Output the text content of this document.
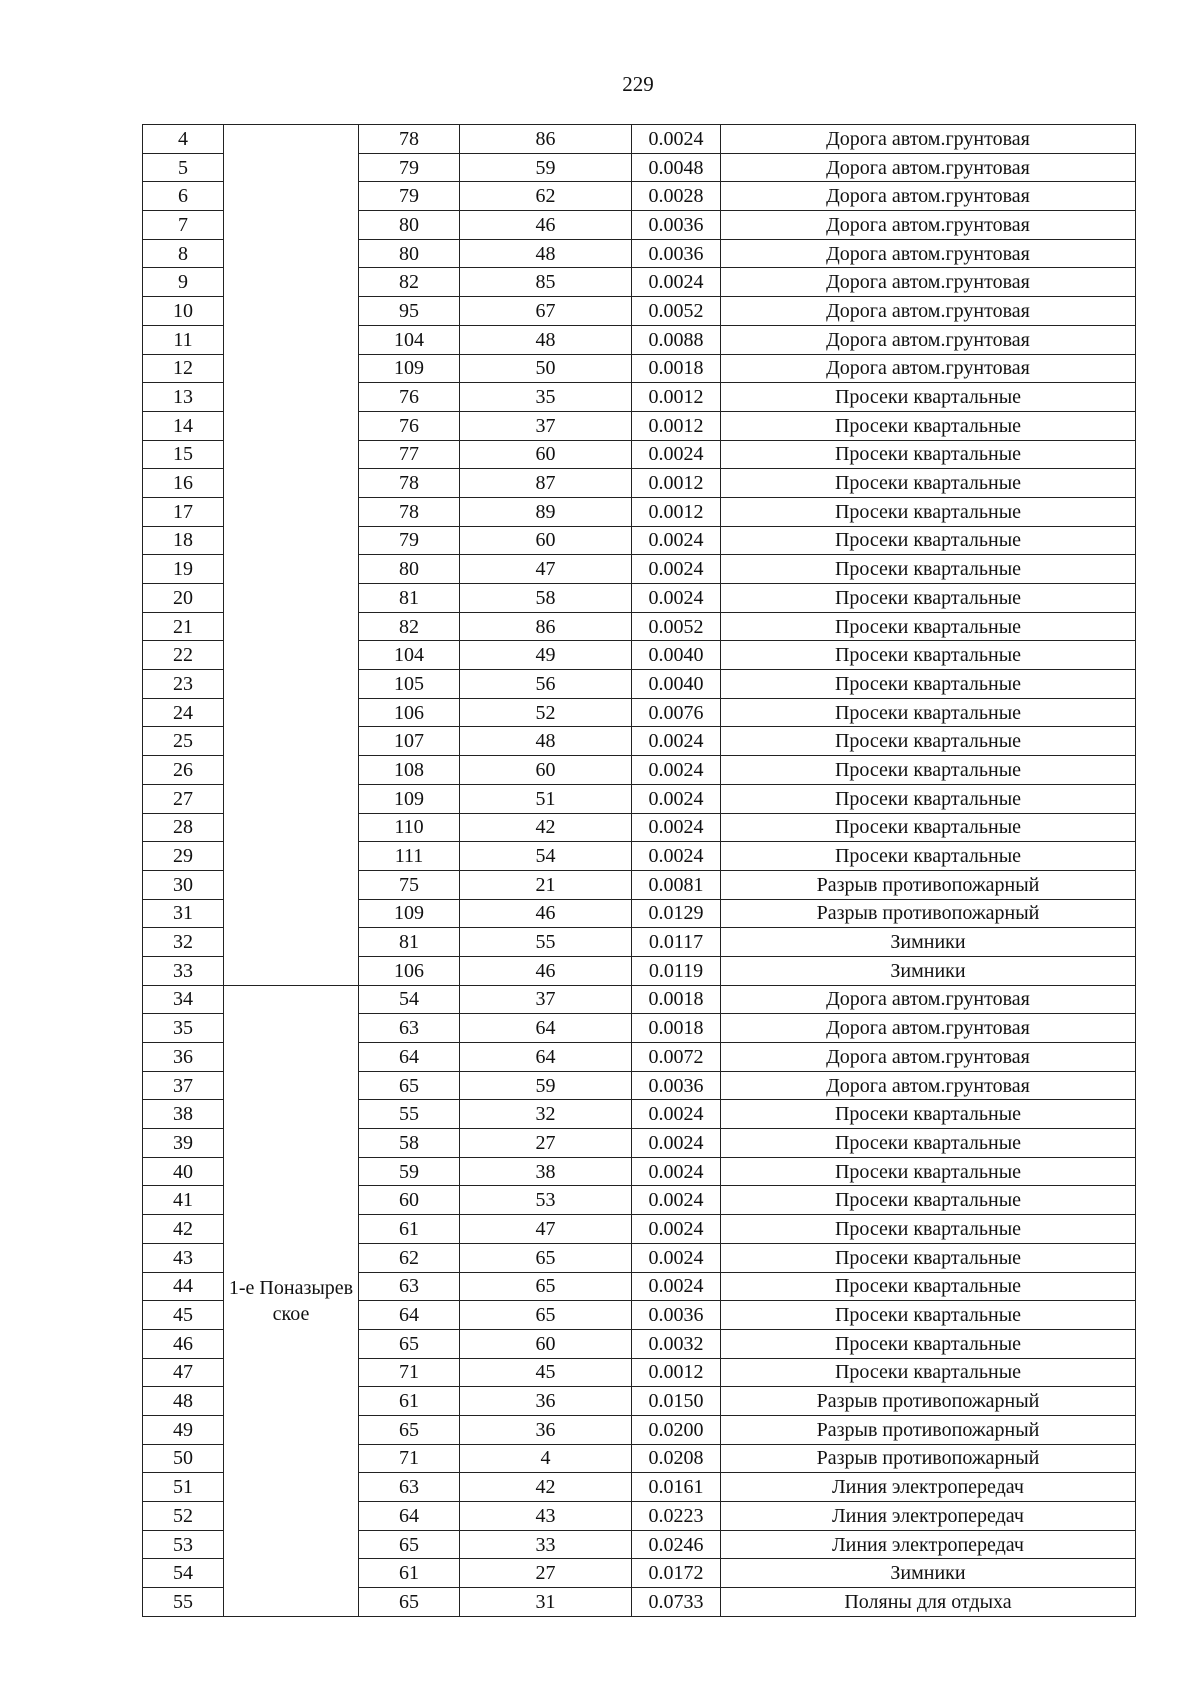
229
4		78	86	0.0024	Дорога автом.грунтовая
5		79	59	0.0048	Дорога автом.грунтовая
6		79	62	0.0028	Дорога автом.грунтовая
7		80	46	0.0036	Дорога автом.грунтовая
8		80	48	0.0036	Дорога автом.грунтовая
9		82	85	0.0024	Дорога автом.грунтовая
10		95	67	0.0052	Дорога автом.грунтовая
11		104	48	0.0088	Дорога автом.грунтовая
12		109	50	0.0018	Дорога автом.грунтовая
13		76	35	0.0012	Просеки квартальные
14		76	37	0.0012	Просеки квартальные
15		77	60	0.0024	Просеки квартальные
16		78	87	0.0012	Просеки квартальные
17		78	89	0.0012	Просеки квартальные
18		79	60	0.0024	Просеки квартальные
19		80	47	0.0024	Просеки квартальные
20		81	58	0.0024	Просеки квартальные
21		82	86	0.0052	Просеки квартальные
22		104	49	0.0040	Просеки квартальные
23		105	56	0.0040	Просеки квартальные
24		106	52	0.0076	Просеки квартальные
25		107	48	0.0024	Просеки квартальные
26		108	60	0.0024	Просеки квартальные
27		109	51	0.0024	Просеки квартальные
28		110	42	0.0024	Просеки квартальные
29		111	54	0.0024	Просеки квартальные
30		75	21	0.0081	Разрыв противопожарный
31		109	46	0.0129	Разрыв противопожарный
32		81	55	0.0117	Зимники
33		106	46	0.0119	Зимники
34	1-е Поназыревское	54	37	0.0018	Дорога автом.грунтовая
35		63	64	0.0018	Дорога автом.грунтовая
36		64	64	0.0072	Дорога автом.грунтовая
37		65	59	0.0036	Дорога автом.грунтовая
38		55	32	0.0024	Просеки квартальные
39		58	27	0.0024	Просеки квартальные
40		59	38	0.0024	Просеки квартальные
41		60	53	0.0024	Просеки квартальные
42		61	47	0.0024	Просеки квартальные
43		62	65	0.0024	Просеки квартальные
44		63	65	0.0024	Просеки квартальные
45		64	65	0.0036	Просеки квартальные
46		65	60	0.0032	Просеки квартальные
47		71	45	0.0012	Просеки квартальные
48		61	36	0.0150	Разрыв противопожарный
49		65	36	0.0200	Разрыв противопожарный
50		71	4	0.0208	Разрыв противопожарный
51		63	42	0.0161	Линия электропередач
52		64	43	0.0223	Линия электропередач
53		65	33	0.0246	Линия электропередач
54		61	27	0.0172	Зимники
55		65	31	0.0733	Поляны для отдыха
